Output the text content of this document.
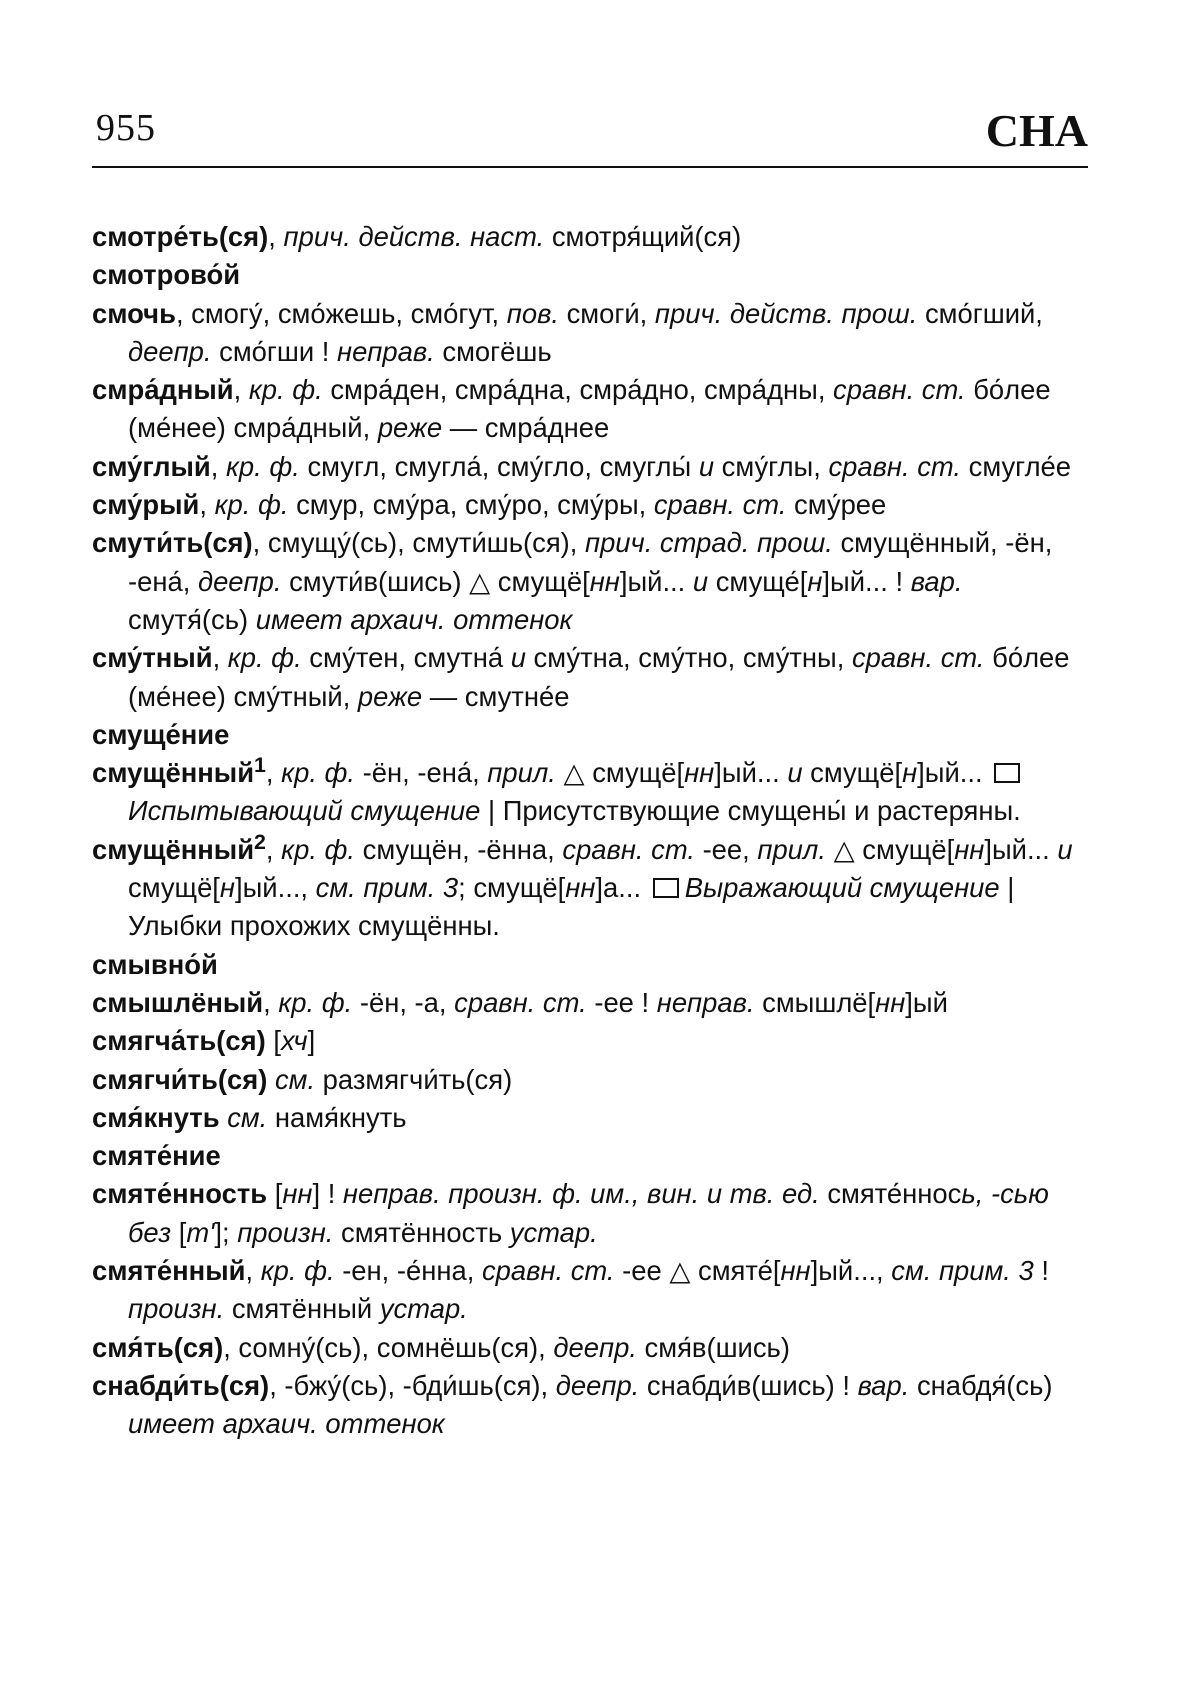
955	СНА

смотре́ть(ся), прич. действ. наст. смотря́щий(ся)

смотрово́й

смочь, смогу́, смо́жешь, смо́гут, пов. смоги́, прич. действ. прош. смо́гший, деепр. смо́гши ! неправ. смогёшь

смра́дный, кр. ф. смра́ден, смра́дна, смра́дно, смра́дны, сравн. ст. бо́лее (ме́нее) смра́дный, реже — смра́днее

сму́глый, кр. ф. смугл, смугла́, сму́гло, смуглы́ и сму́глы, сравн. ст. смугле́е

сму́рый, кр. ф. смур, сму́ра, сму́ро, сму́ры, сравн. ст. сму́рее

смути́ть(ся), смущу́(сь), смути́шь(ся), прич. страд. прош. смущённый, -ён, -ена́, деепр. смути́в(шись) △ смущё[нн]ый... и смуще́[н]ый... ! вар. смутя́(сь) имеет архаич. оттенок

сму́тный, кр. ф. сму́тен, смутна́ и сму́тна, сму́тно, сму́тны, сравн. ст. бо́лее (ме́нее) сму́тный, реже — смутне́е

смуще́ние

смущённый$^1$, кр. ф. -ён, -ена́, прил. △ смущё[нн]ый... и смущё[н]ый... Испытывающий смущение | Присутствующие смущены́ и растеряны.

смущённый$^2$, кр. ф. смущён, -ённа, сравн. ст. -ее, прил. △ смущё[нн]ый... и смущё[н]ый..., см. прим. 3; смущё[нн]а... Выражающий смущение | Улыбки прохожих смущённы.

смывно́й

смышлёный, кр. ф. -ён, -а, сравн. ст. -ее ! неправ. смышлё[нн]ый

смягча́ть(ся) [хч]

смягчи́ть(ся) см. размягчи́ть(ся)

смя́кнуть см. намя́кнуть

смяте́ние

смяте́нность [нн] ! неправ. произн. ф. им., вин. и тв. ед. смяте́ннось, -сью без [т']; произн. смятённость устар.

смяте́нный, кр. ф. -ен, -е́нна, сравн. ст. -ее △ смяте́[нн]ый..., см. прим. 3 ! произн. смятённый устар.

смя́ть(ся), сомну́(сь), сомнёшь(ся), деепр. смя́в(шись)

снабди́ть(ся), -бжу́(сь), -бди́шь(ся), деепр. снабди́в(шись) ! вар. снабдя́(сь) имеет архаич. оттенок
